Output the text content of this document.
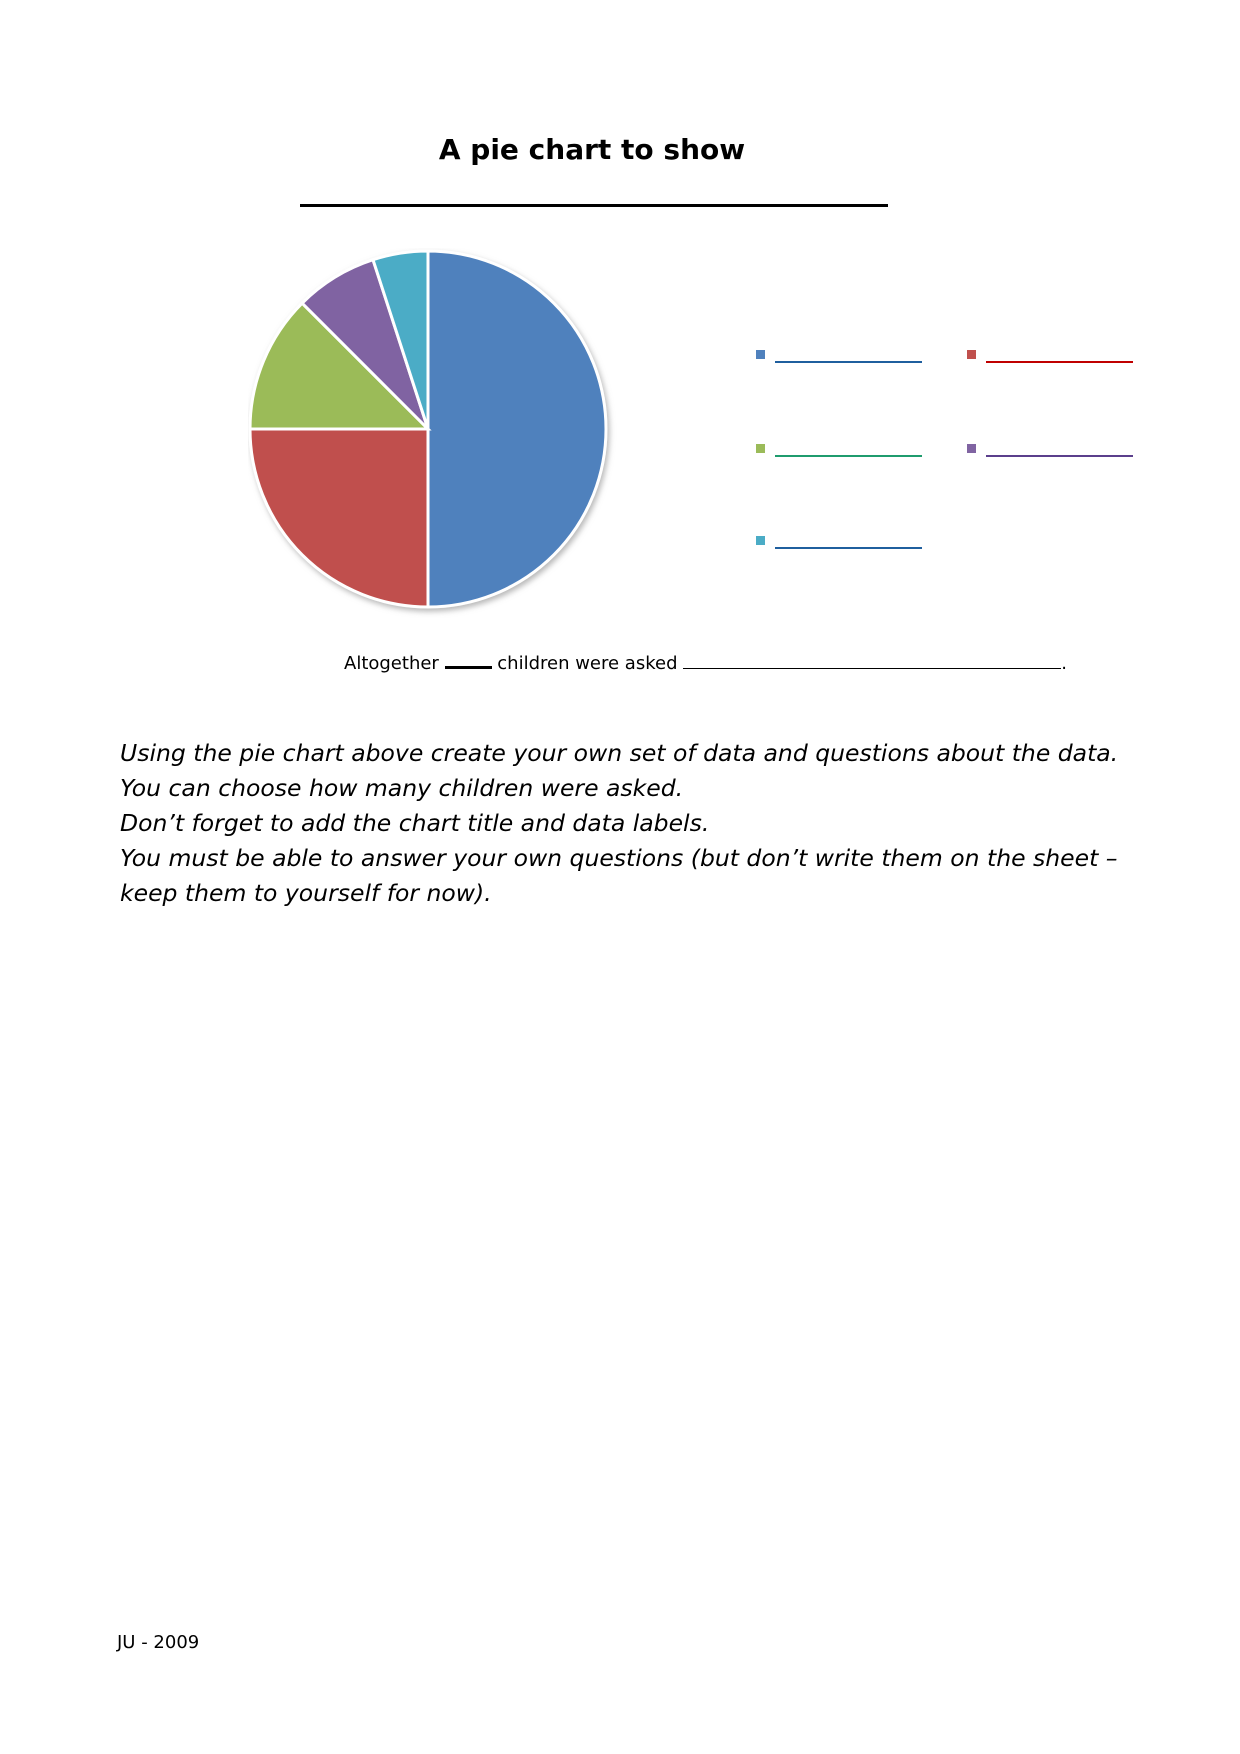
A pie chart to show
Altogether	children were asked	.

Using the pie chart above create your own set of data and questions about the data.

You can choose how many children were asked.

Don’t forget to add the chart title and data labels.

You must be able to answer your own questions (but don’t write them on the sheet –

keep them to yourself for now).

JU - 2009
